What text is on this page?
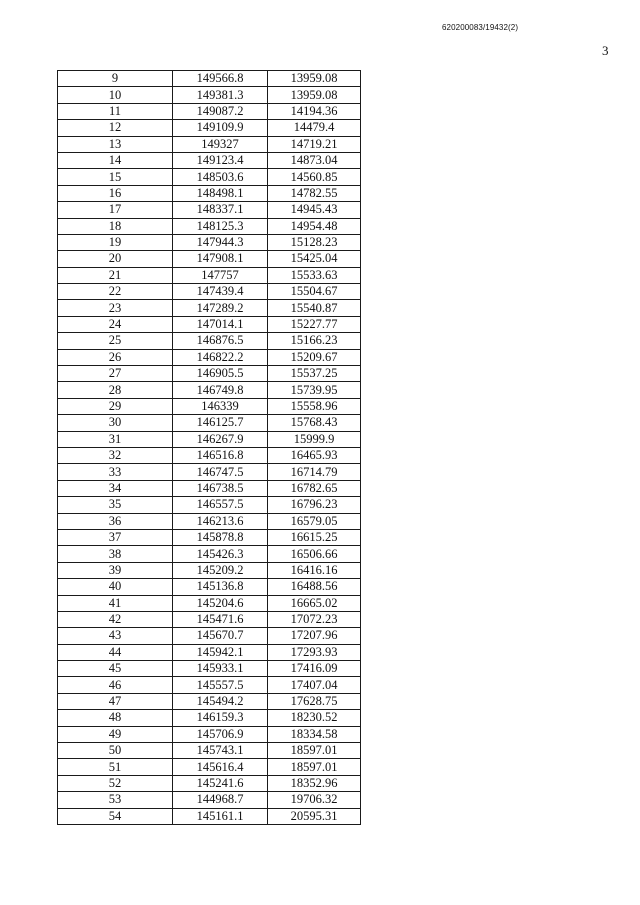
620200083/19432(2)
3
9	149566.8	13959.08
10	149381.3	13959.08
11	149087.2	14194.36
12	149109.9	14479.4
13	149327	14719.21
14	149123.4	14873.04
15	148503.6	14560.85
16	148498.1	14782.55
17	148337.1	14945.43
18	148125.3	14954.48
19	147944.3	15128.23
20	147908.1	15425.04
21	147757	15533.63
22	147439.4	15504.67
23	147289.2	15540.87
24	147014.1	15227.77
25	146876.5	15166.23
26	146822.2	15209.67
27	146905.5	15537.25
28	146749.8	15739.95
29	146339	15558.96
30	146125.7	15768.43
31	146267.9	15999.9
32	146516.8	16465.93
33	146747.5	16714.79
34	146738.5	16782.65
35	146557.5	16796.23
36	146213.6	16579.05
37	145878.8	16615.25
38	145426.3	16506.66
39	145209.2	16416.16
40	145136.8	16488.56
41	145204.6	16665.02
42	145471.6	17072.23
43	145670.7	17207.96
44	145942.1	17293.93
45	145933.1	17416.09
46	145557.5	17407.04
47	145494.2	17628.75
48	146159.3	18230.52
49	145706.9	18334.58
50	145743.1	18597.01
51	145616.4	18597.01
52	145241.6	18352.96
53	144968.7	19706.32
54	145161.1	20595.31
